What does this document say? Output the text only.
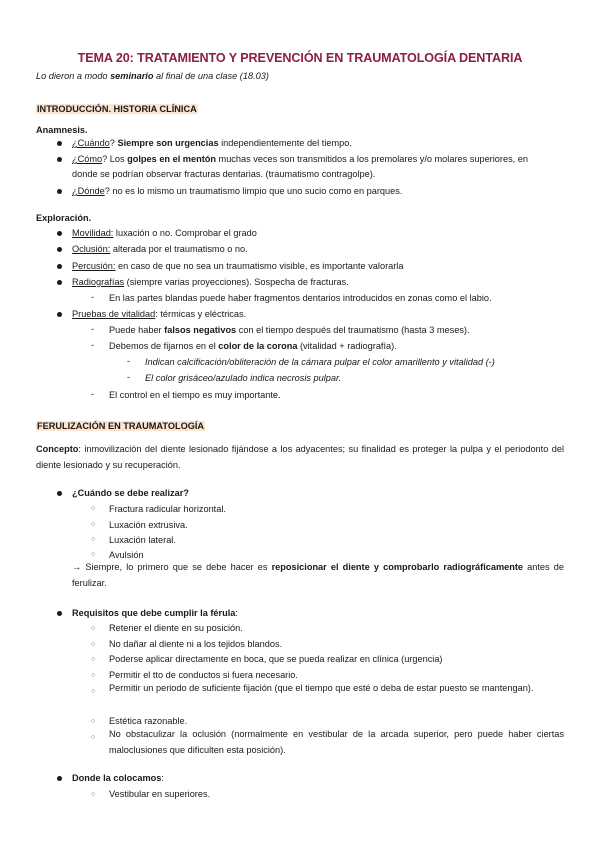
TEMA 20: TRATAMIENTO Y PREVENCIÓN EN TRAUMATOLOGÍA DENTARIA
Lo dieron a modo seminario al final de una clase (18.03)
INTRODUCCIÓN. HISTORIA CLÍNICA
Anamnesis.
¿Cuándo? Siempre son urgencias independientemente del tiempo.
¿Cómo? Los golpes en el mentón muchas veces son transmitidos a los premolares y/o molares superiores, en
donde se podrían observar fracturas dentarias. (traumatismo contragolpe).
¿Dónde? no es lo mismo un traumatismo limpio que uno sucio como en parques.
Exploración.
Movilidad: luxación o no. Comprobar el grado
Oclusión: alterada por el traumatismo o no.
Percusión: en caso de que no sea un traumatismo visible, es importante valorarla
Radiografías (siempre varias proyecciones). Sospecha de fracturas.
- En las partes blandas puede haber fragmentos dentarios introducidos en zonas como el labio.
Pruebas de vitalidad: térmicas y eléctricas.
- Puede haber falsos negativos con el tiempo después del traumatismo (hasta 3 meses).
- Debemos de fijarnos en el color de la corona (vitalidad + radiografía).
- Indican calcificación/obliteración de la cámara pulpar el color amarillento y vitalidad (-)
- El color grisáceo/azulado indica necrosis pulpar.
- El control en el tiempo es muy importante.
FERULIZACIÓN EN TRAUMATOLOGÍA
Concepto: inmovilización del diente lesionado fijándose a los adyacentes; su finalidad es proteger la pulpa y el periodonto del diente lesionado y su recuperación.
¿Cuándo se debe realizar?
○ Fractura radicular horizontal.
○ Luxación extrusiva.
○ Luxación lateral.
○ Avulsión
→ Siempre, lo primero que se debe hacer es reposicionar el diente y comprobarlo radiográficamente antes de ferulizar.
Requisitos que debe cumplir la férula:
○ Retener el diente en su posición.
○ No dañar al diente ni a los tejidos blandos.
○ Poderse aplicar directamente en boca, que se pueda realizar en clínica (urgencia)
○ Permitir el tto de conductos si fuera necesario.
○ Permitir un periodo de suficiente fijación (que el tiempo que esté o deba de estar puesto se mantengan).
○ Estética razonable.
○ No obstaculizar la oclusión (normalmente en vestibular de la arcada superior, pero puede haber ciertas maloclusiones que dificulten esta posición).
Donde la colocamos:
○ Vestibular en superiores.
